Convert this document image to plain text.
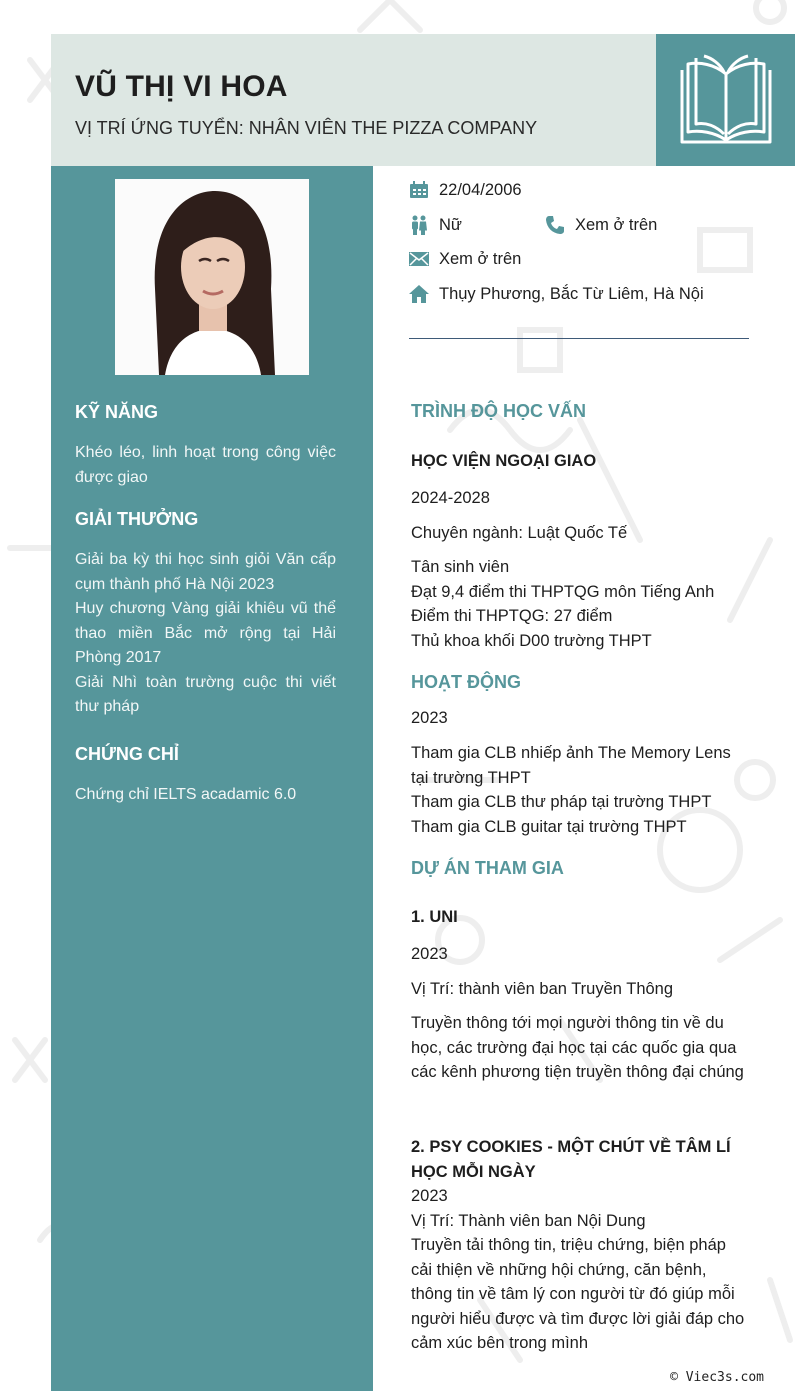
VŨ THỊ VI HOA
VỊ TRÍ ỨNG TUYỂN: NHÂN VIÊN THE PIZZA COMPANY
KỸ NĂNG

Khéo léo, linh hoạt trong công việc được giao

GIẢI THƯỞNG

Giải ba kỳ thi học sinh giỏi Văn cấp cụm thành phố Hà Nội 2023

Huy chương Vàng giải khiêu vũ thể thao miền Bắc mở rộng tại Hải Phòng 2017

Giải Nhì toàn trường cuộc thi viết thư pháp

CHỨNG CHỈ

Chứng chỉ IELTS acadamic 6.0

22/04/2006
Nữ	Xem ở trên
Xem ở trên
Thụy Phương, Bắc Từ Liêm, Hà Nội
TRÌNH ĐỘ HỌC VẤN
HỌC VIỆN NGOẠI GIAO
2024-2028
Chuyên ngành: Luật Quốc Tế

Tân sinh viên

Đạt 9,4 điểm thi THPTQG môn Tiếng Anh

Điểm thi THPTQG: 27 điểm

Thủ khoa khối D00 trường THPT

HOẠT ĐỘNG
2023

Tham gia CLB nhiếp ảnh The Memory Lens tại trường THPT

Tham gia CLB thư pháp tại trường THPT

Tham gia CLB guitar tại trường THPT

DỰ ÁN THAM GIA
1. UNI
2023
Vị Trí: thành viên ban Truyền Thông
Truyền thông tới mọi người thông tin về du học, các trường đại học tại các quốc gia qua các kênh phương tiện truyền thông đại chúng
2. PSY COOKIES - MỘT CHÚT VỀ TÂM LÍ HỌC MỖI NGÀY
2023
Vị Trí: Thành viên ban Nội Dung
Truyền tải thông tin, triệu chứng, biện pháp cải thiện về những hội chứng, căn bệnh, thông tin về tâm lý con người từ đó giúp mỗi người hiểu được và tìm được lời giải đáp cho cảm xúc bên trong mình
© Viec3s.com
